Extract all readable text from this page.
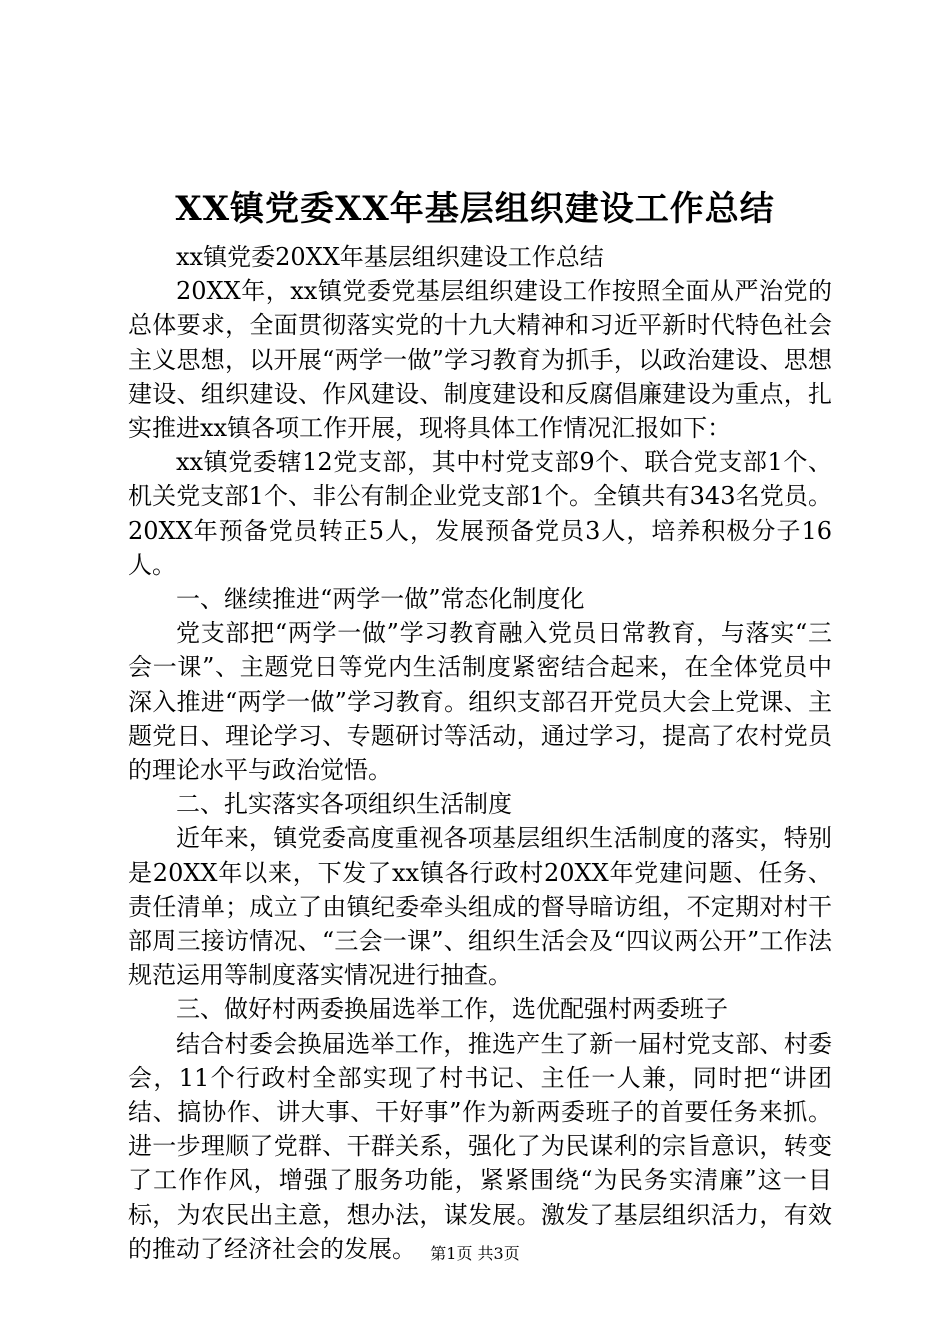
XX镇党委XX年基层组织建设工作总结

xx镇党委20XX年基层组织建设工作总结

20XX年，xx镇党委党基层组织建设工作按照全面从严治党的总体要求，全面贯彻落实党的十九大精神和习近平新时代特色社会主义思想，以开展“两学一做”学习教育为抓手，以政治建设、思想建设、组织建设、作风建设、制度建设和反腐倡廉建设为重点，扎实推进xx镇各项工作开展，现将具体工作情况汇报如下：

xx镇党委辖12党支部，其中村党支部9个、联合党支部1个、机关党支部1个、非公有制企业党支部1个。全镇共有343名党员。20XX年预备党员转正5人，发展预备党员3人，培养积极分子16人。

一、继续推进“两学一做”常态化制度化

党支部把“两学一做”学习教育融入党员日常教育，与落实“三会一课”、主题党日等党内生活制度紧密结合起来，在全体党员中深入推进“两学一做”学习教育。组织支部召开党员大会上党课、主题党日、理论学习、专题研讨等活动，通过学习，提高了农村党员的理论水平与政治觉悟。

二、扎实落实各项组织生活制度

近年来，镇党委高度重视各项基层组织生活制度的落实，特别是20XX年以来，下发了xx镇各行政村20XX年党建问题、任务、责任清单；成立了由镇纪委牵头组成的督导暗访组，不定期对村干部周三接访情况、“三会一课”、组织生活会及“四议两公开”工作法规范运用等制度落实情况进行抽查。

三、做好村两委换届选举工作，选优配强村两委班子

结合村委会换届选举工作，推选产生了新一届村党支部、村委会，11个行政村全部实现了村书记、主任一人兼，同时把“讲团结、搞协作、讲大事、干好事”作为新两委班子的首要任务来抓。进一步理顺了党群、干群关系，强化了为民谋利的宗旨意识，转变了工作作风，增强了服务功能，紧紧围绕“为民务实清廉”这一目标，为农民出主意，想办法，谋发展。激发了基层组织活力，有效的推动了经济社会的发展。 第1页 共3页
